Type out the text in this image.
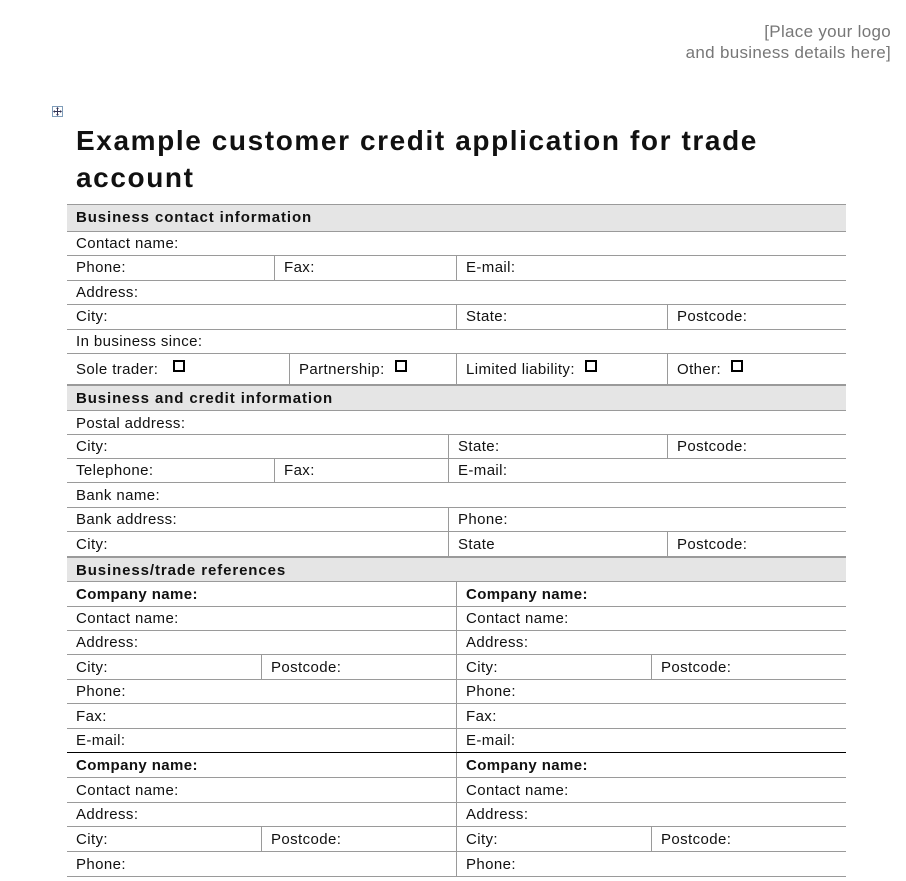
[Place your logo
and business details here]
Example customer credit application for trade account
Business contact information
Contact name:
Phone:	Fax:	E-mail:
Address:
City:	State:	Postcode:
In business since:
Sole trader:	Partnership:	Limited liability:	Other:
Business and credit information
Postal address:
City:	State:	Postcode:
Telephone:	Fax:	E-mail:
Bank name:
Bank address:	Phone:
City:	State	Postcode:
Business/trade references
Company name:	Company name:
Contact name:	Contact name:
Address:	Address:
City:	Postcode:	City:	Postcode:
Phone:	Phone:
Fax:	Fax:
E-mail:	E-mail:
Company name:	Company name:
Contact name:	Contact name:
Address:	Address:
City:	Postcode:	City:	Postcode:
Phone:	Phone:
